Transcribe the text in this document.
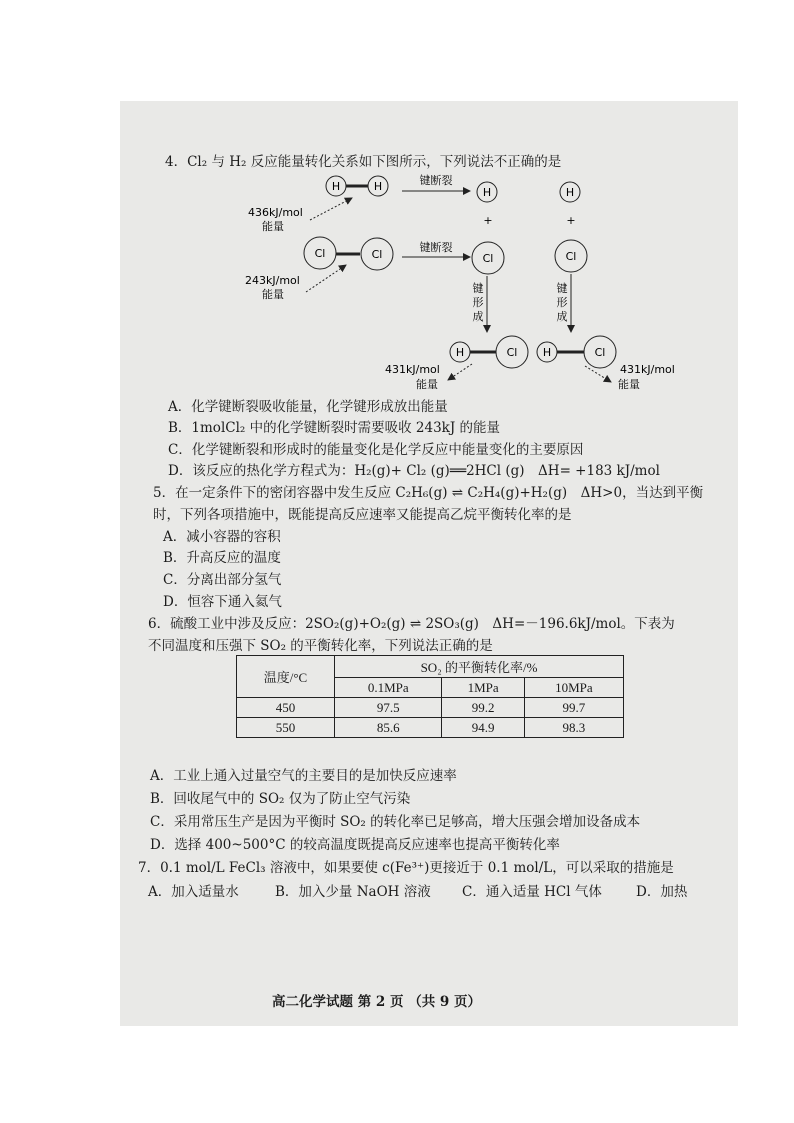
4．Cl₂ 与 H₂ 反应能量转化关系如下图所示，下列说法不正确的是
H	H	键断裂
H	H
+	+
436kJ/mol
能量
Cl	Cl
键断裂
Cl	Cl
243kJ/mol
能量	键
形
成
键
形
成
H	Cl H	Cl
431kJ/mol
能量
431kJ/mol
能量
A．化学键断裂吸收能量，化学键形成放出能量
B．1molCl₂ 中的化学键断裂时需要吸收 243kJ 的能量
C．化学键断裂和形成时的能量变化是化学反应中能量变化的主要原因
D．该反应的热化学方程式为：H₂(g)+ Cl₂ (g)══2HCl (g)　ΔH= +183 kJ/mol
5．在一定条件下的密闭容器中发生反应 C₂H₆(g) ⇌ C₂H₄(g)+H₂(g)　ΔH>0，当达到平衡
时，下列各项措施中，既能提高反应速率又能提高乙烷平衡转化率的是
A．减小容器的容积
B．升高反应的温度
C．分离出部分氢气
D．恒容下通入氦气
6．硫酸工业中涉及反应：2SO₂(g)+O₂(g) ⇌ 2SO₃(g)　ΔH=－196.6kJ/mol。下表为
不同温度和压强下 SO₂ 的平衡转化率，下列说法正确的是
温度/°C	SO₂ 的平衡转化率/%		
	0.1MPa	1MPa	10MPa
450	97.5	99.2	99.7
550	85.6	94.9	98.3
A．工业上通入过量空气的主要目的是加快反应速率
B．回收尾气中的 SO₂ 仅为了防止空气污染
C．采用常压生产是因为平衡时 SO₂ 的转化率已足够高，增大压强会增加设备成本
D．选择 400~500°C 的较高温度既提高反应速率也提高平衡转化率
7．0.1 mol/L FeCl₃ 溶液中，如果要使 c(Fe³⁺)更接近于 0.1 mol/L，可以采取的措施是
A．加入适量水	B．加入少量 NaOH 溶液 C．通入适量 HCl 气体	D．加热
高二化学试题 第 2 页 （共 9 页）
